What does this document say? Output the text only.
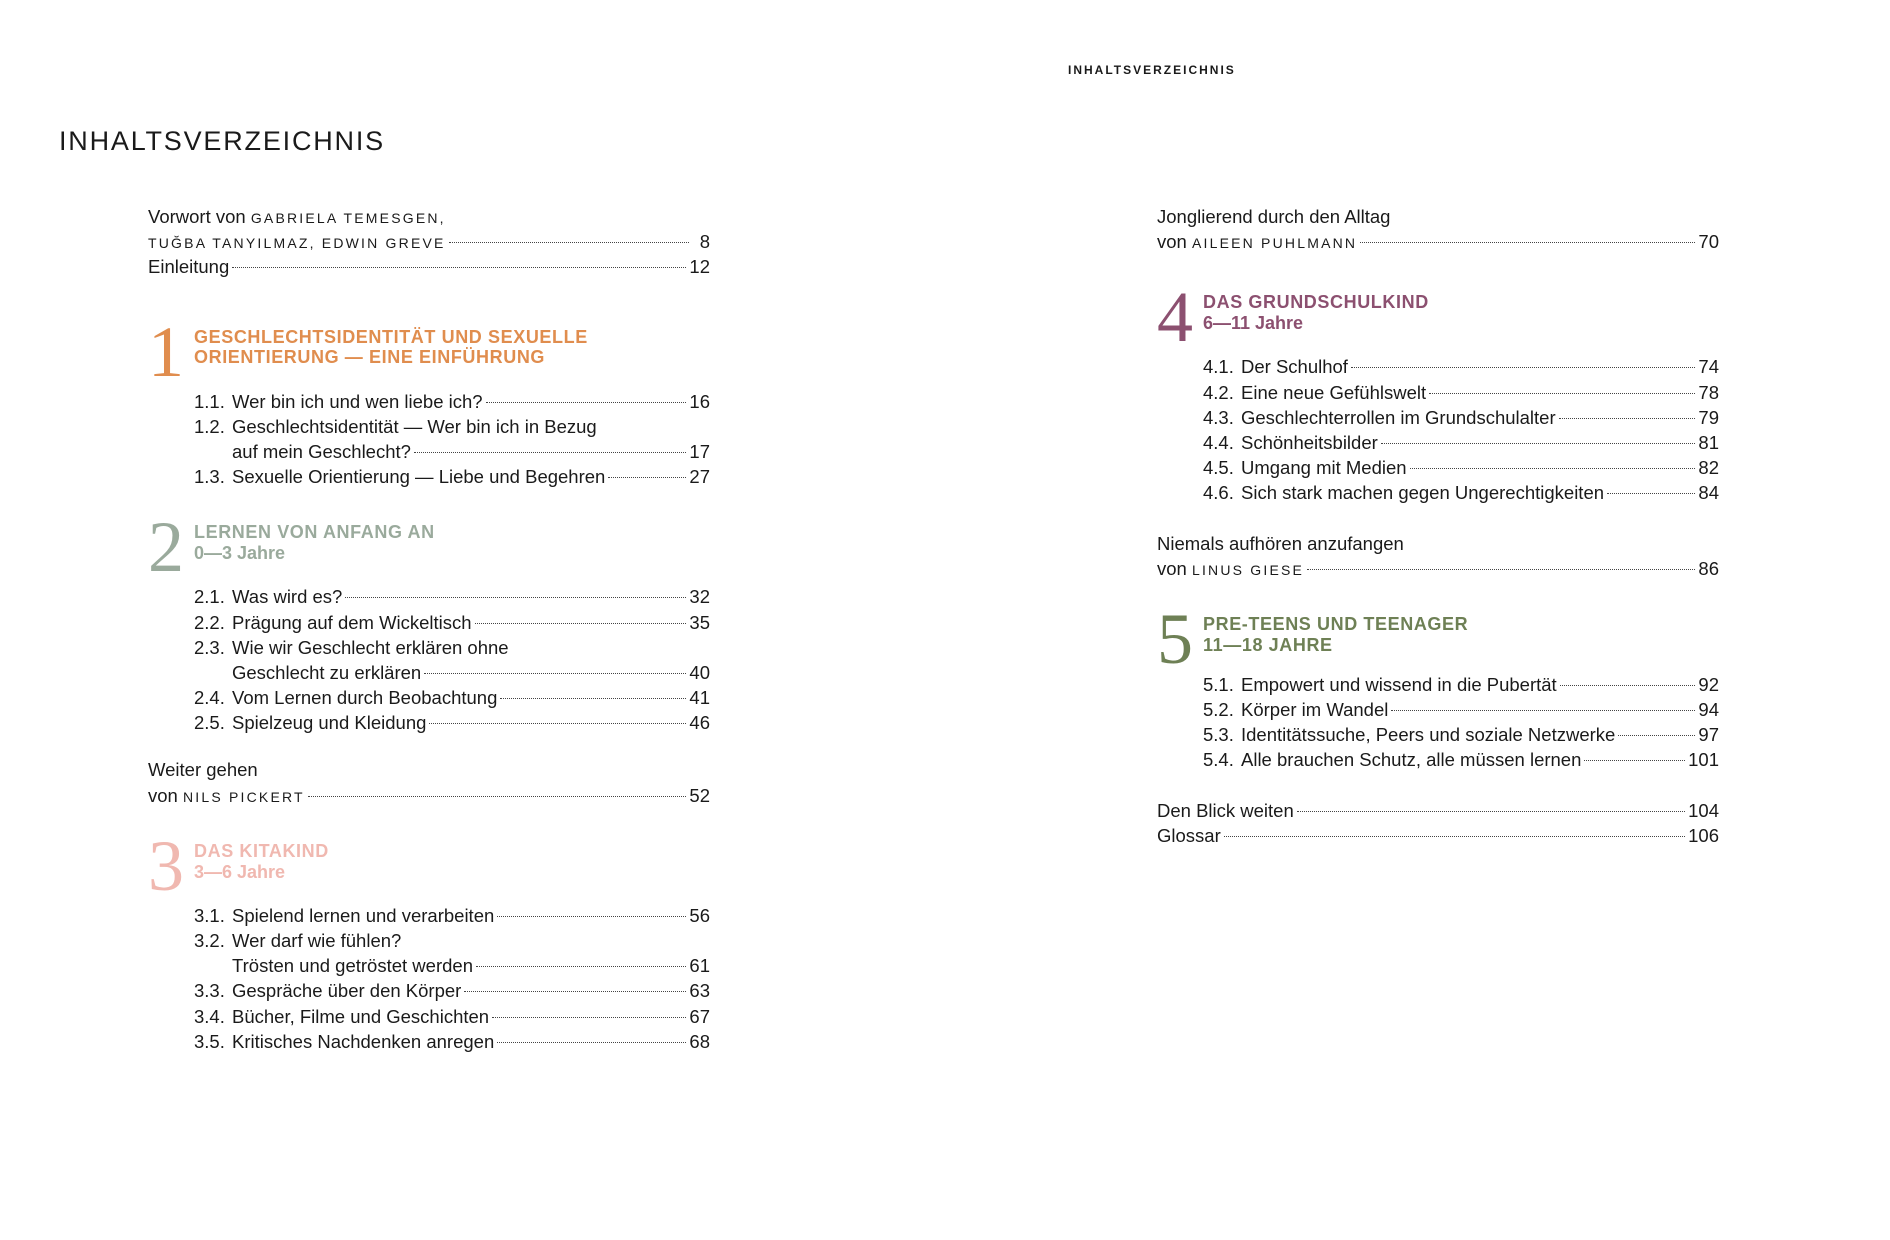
INHALTSVERZEICHNIS
INHALTSVERZEICHNIS
Vorwort von
GABRIELA TEMESGEN,
TUĞBA TANYILMAZ, EDWIN GREVE	8
Einleitung	12
1 GESCHLECHTSIDENTITÄT UND SEXUELLE
ORIENTIERUNG — EINE EINFÜHRUNG
1.1. Wer bin ich und wen liebe ich?	16
1.2. Geschlechtsidentität — Wer bin ich in Bezug
auf mein Geschlecht?	17
1.3. Sexuelle Orientierung — Liebe und Begehren	27
2 LERNEN VON ANFANG AN
0—3 Jahre
2.1. Was wird es?	32
2.2. Prägung auf dem Wickeltisch	35
2.3. Wie wir Geschlecht erklären ohne
Geschlecht zu erklären	40
2.4. Vom Lernen durch Beobachtung	41
2.5. Spielzeug und Kleidung	46
Weiter gehen
von
NILS PICKERT	52
3 DAS KITAKIND
3—6 Jahre
3.1. Spielend lernen und verarbeiten	56
3.2. Wer darf wie fühlen?
Trösten und getröstet werden	61
3.3. Gespräche über den Körper	63
3.4. Bücher, Filme und Geschichten	67
3.5. Kritisches Nachdenken anregen	68
Jonglierend durch den Alltag
von
AILEEN PUHLMANN	70
4 DAS GRUNDSCHULKIND
6—11 Jahre
4.1. Der Schulhof	74
4.2. Eine neue Gefühlswelt	78
4.3. Geschlechterrollen im Grundschulalter	79
4.4. Schönheitsbilder	81
4.5. Umgang mit Medien	82
4.6. Sich stark machen gegen Ungerechtigkeiten	84
Niemals aufhören anzufangen
von
LINUS GIESE	86
5 PRE-TEENS UND TEENAGER
11—18 JAHRE
5.1. Empowert und wissend in die Pubertät	92
5.2. Körper im Wandel	94
5.3. Identitätssuche, Peers und soziale Netzwerke	97
5.4. Alle brauchen Schutz, alle müssen lernen	101
Den Blick weiten	104
Glossar	106
